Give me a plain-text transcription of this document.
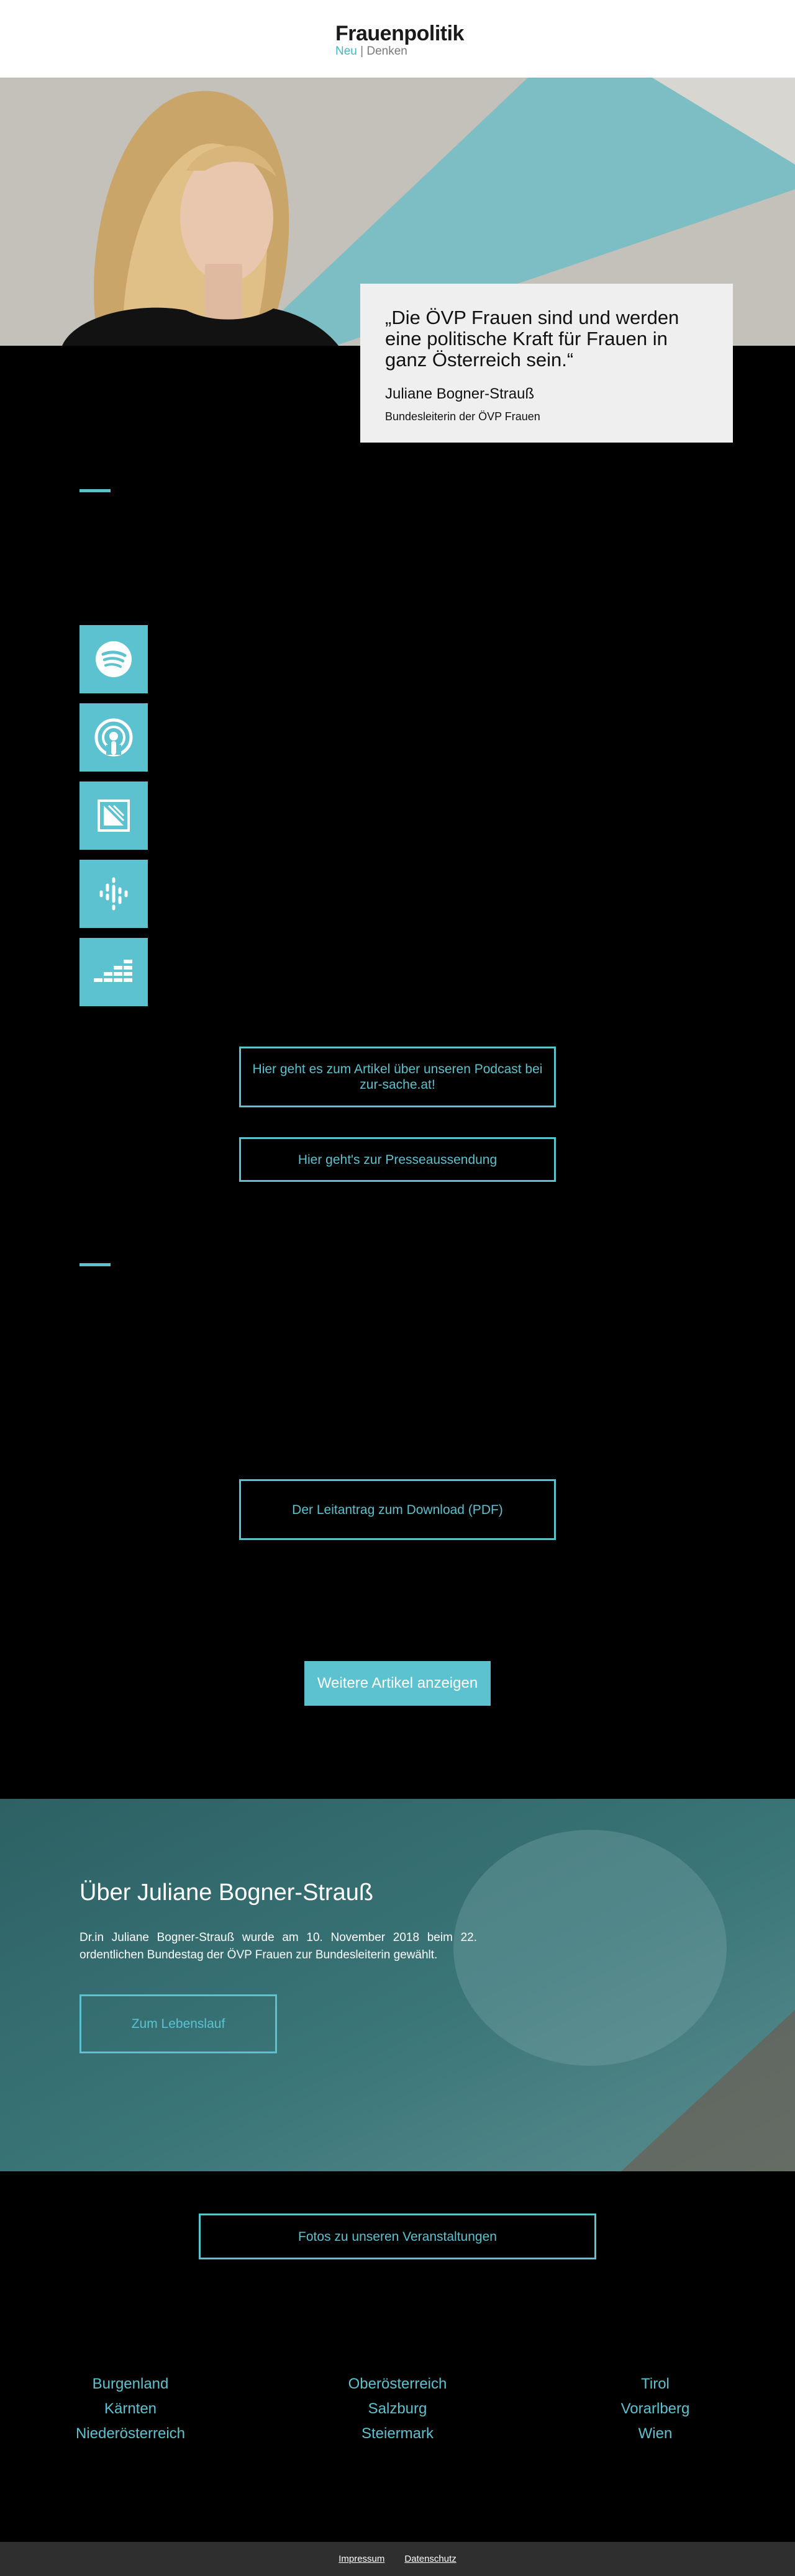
Frauenpolitik
Neu | Denken

„Die ÖVP Frauen sind und werden eine politische Kraft für Frauen in ganz Österreich sein.“

Juliane Bogner-Strauß
Bundesleiterin der ÖVP Frauen
Hier geht es zum Artikel über unseren Podcast bei zur-sache.at!
Hier geht's zur Presseaussendung
Der Leitantrag zum Download (PDF)
Weitere Artikel anzeigen
Über Juliane Bogner-Strauß
Dr.in Juliane Bogner-Strauß wurde am 10. November 2018 beim 22. ordentlichen Bundestag der ÖVP Frauen zur Bundesleiterin gewählt.
Zum Lebenslauf
Fotos zu unseren Veranstaltungen
Burgenland
Kärnten
Niederösterreich
Oberösterreich
Salzburg
Steiermark
Tirol
Vorarlberg
Wien
Impressum Datenschutz
